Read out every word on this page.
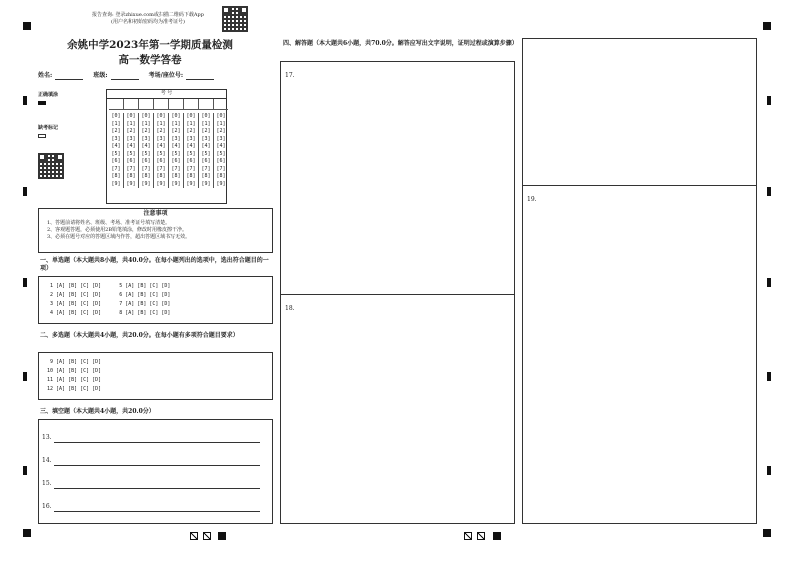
报告查询: 登录zhixue.com或扫描二维码下载App
(用户名和初始密码均为准考证号)
余姚中学2023年第一学期质量检测
高一数学答卷
姓名:	班级:	考场/座位号:
正确填涂
缺考标记
考 号
[0]
[1]
[2]
[3]
[4]
[5]
[6]
[7]
[8]
[9]
[0]
[1]
[2]
[3]
[4]
[5]
[6]
[7]
[8]
[9]
[0]
[1]
[2]
[3]
[4]
[5]
[6]
[7]
[8]
[9]
[0]
[1]
[2]
[3]
[4]
[5]
[6]
[7]
[8]
[9]
[0]
[1]
[2]
[3]
[4]
[5]
[6]
[7]
[8]
[9]
[0]
[1]
[2]
[3]
[4]
[5]
[6]
[7]
[8]
[9]
[0]
[1]
[2]
[3]
[4]
[5]
[6]
[7]
[8]
[9]
[0]
[1]
[2]
[3]
[4]
[5]
[6]
[7]
[8]
[9]
注意事项
1、答题前请将姓名、班级、考场、准考证号填写清楚。
2、客观题答题，必须使用2B铅笔填涂，修改时用橡皮擦干净。
3、必须在题号对应的答题区域内作答，超出答题区域书写无效。
一、单选题（本大题共8小题，共40.0分。在每小题列出的选项中，选出符合题目的一项）
1 [A] [B] [C] [D]      5 [A] [B] [C] [D]
2 [A] [B] [C] [D]      6 [A] [B] [C] [D]
3 [A] [B] [C] [D]      7 [A] [B] [C] [D]
4 [A] [B] [C] [D]      8 [A] [B] [C] [D]
二、多选题（本大题共4小题，共20.0分。在每小题有多项符合题目要求）
9 [A] [B] [C] [D]
10 [A] [B] [C] [D]
11 [A] [B] [C] [D]
12 [A] [B] [C] [D]
三、填空题（本大题共4小题，共20.0分）
13.
14.
15.
16.
四、解答题（本大题共6小题，共70.0分。解答应写出文字说明，证明过程或演算步骤）
17.
18.
19.
